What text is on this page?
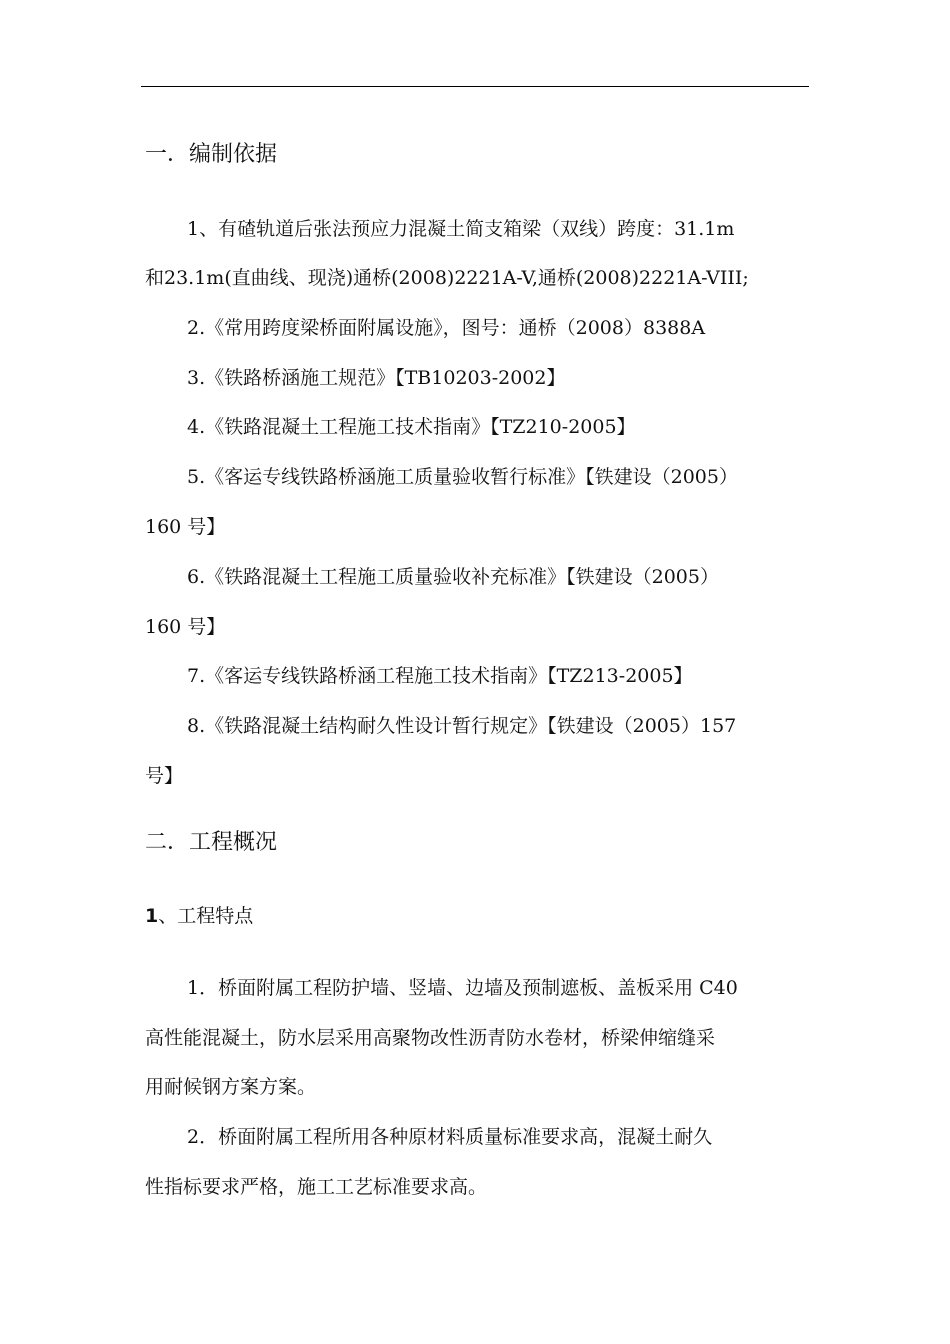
一．编制依据
1、有碴轨道后张法预应力混凝土简支箱梁（双线）跨度：31.1m
和23.1m(直曲线、现浇)通桥(2008)2221A-V,通桥(2008)2221A-VIII;
2.《常用跨度梁桥面附属设施》，图号：通桥（2008）8388A
3.《铁路桥涵施工规范》【TB10203-2002】
4.《铁路混凝土工程施工技术指南》【TZ210-2005】
5.《客运专线铁路桥涵施工质量验收暂行标准》【铁建设（2005）
160 号】
6.《铁路混凝土工程施工质量验收补充标准》【铁建设（2005）
160 号】
7.《客运专线铁路桥涵工程施工技术指南》【TZ213-2005】
8.《铁路混凝土结构耐久性设计暂行规定》【铁建设（2005）157
号】
二．工程概况
1、工程特点
1．桥面附属工程防护墙、竖墙、边墙及预制遮板、盖板采用 C40
高性能混凝土，防水层采用高聚物改性沥青防水卷材，桥梁伸缩缝采
用耐候钢方案方案。
2．桥面附属工程所用各种原材料质量标准要求高，混凝土耐久
性指标要求严格，施工工艺标准要求高。
